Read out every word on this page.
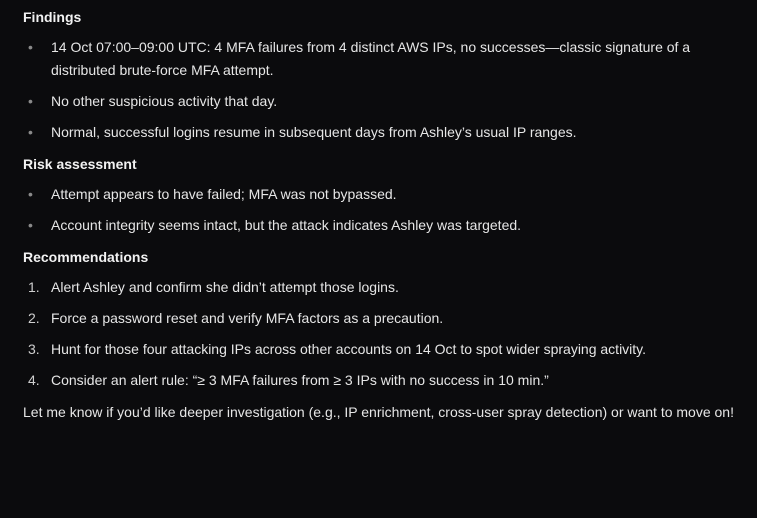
Findings
• 14 Oct 07:00–09:00 UTC: 4 MFA failures from 4 distinct AWS IPs, no successes—classic signature of a distributed brute-force MFA attempt.
• No other suspicious activity that day.
• Normal, successful logins resume in subsequent days from Ashley’s usual IP ranges.
Risk assessment
• Attempt appears to have failed; MFA was not bypassed.
• Account integrity seems intact, but the attack indicates Ashley was targeted.
Recommendations
1. Alert Ashley and confirm she didn’t attempt those logins.
2. Force a password reset and verify MFA factors as a precaution.
3. Hunt for those four attacking IPs across other accounts on 14 Oct to spot wider spraying activity.
4. Consider an alert rule: “≥ 3 MFA failures from ≥ 3 IPs with no success in 10 min.”

Let me know if you’d like deeper investigation (e.g., IP enrichment, cross-user spray detection) or want to move on!
